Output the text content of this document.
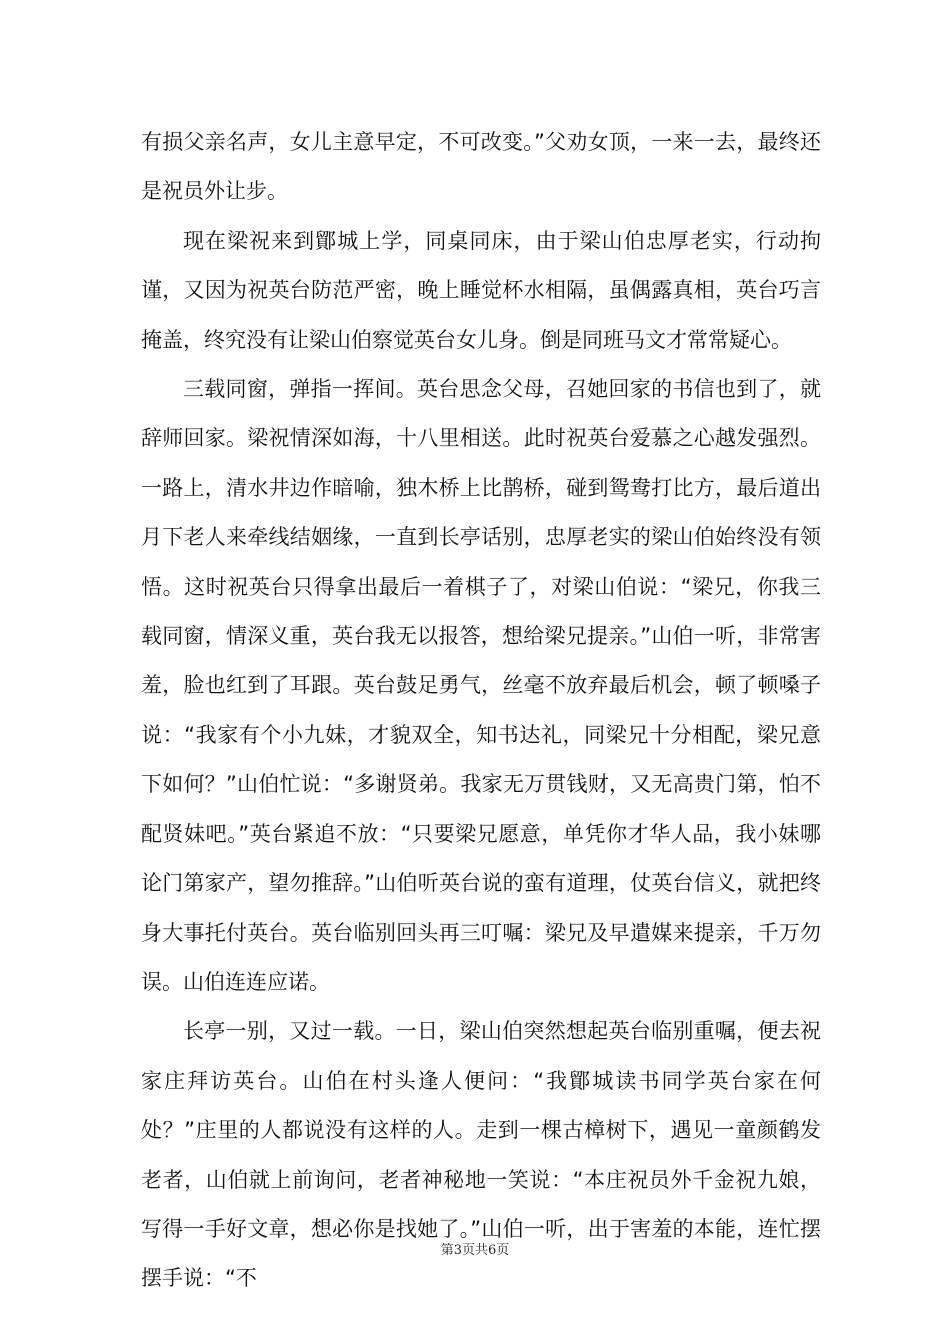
有损父亲名声，女儿主意早定，不可改变。”父劝女顶，一来一去，最终还是祝员外让步。

现在梁祝来到鄮城上学，同桌同床，由于梁山伯忠厚老实，行动拘谨，又因为祝英台防范严密，晚上睡觉杯水相隔，虽偶露真相，英台巧言掩盖，终究没有让梁山伯察觉英台女儿身。倒是同班马文才常常疑心。

三载同窗，弹指一挥间。英台思念父母，召她回家的书信也到了，就辞师回家。梁祝情深如海，十八里相送。此时祝英台爱慕之心越发强烈。一路上，清水井边作暗喻，独木桥上比鹊桥，碰到鸳鸯打比方，最后道出月下老人来牵线结姻缘，一直到长亭话别，忠厚老实的梁山伯始终没有领悟。这时祝英台只得拿出最后一着棋子了，对梁山伯说：“梁兄，你我三载同窗，情深义重，英台我无以报答，想给梁兄提亲。”山伯一听，非常害羞，脸也红到了耳跟。英台鼓足勇气，丝毫不放弃最后机会，顿了顿嗓子说：“我家有个小九妹，才貌双全，知书达礼，同梁兄十分相配，梁兄意下如何？”山伯忙说：“多谢贤弟。我家无万贯钱财，又无高贵门第，怕不配贤妹吧。”英台紧追不放：“只要梁兄愿意，单凭你才华人品，我小妹哪论门第家产，望勿推辞。”山伯听英台说的蛮有道理，仗英台信义，就把终身大事托付英台。英台临别回头再三叮嘱：梁兄及早遣媒来提亲，千万勿误。山伯连连应诺。

长亭一别，又过一载。一日，梁山伯突然想起英台临别重嘱，便去祝家庄拜访英台。山伯在村头逢人便问：“我鄮城读书同学英台家在何处？”庄里的人都说没有这样的人。走到一棵古樟树下，遇见一童颜鹤发老者，山伯就上前询问，老者神秘地一笑说：“本庄祝员外千金祝九娘，写得一手好文章，想必你是找她了。”山伯一听，出于害羞的本能，连忙摆摆手说：“不

第3页共6页
